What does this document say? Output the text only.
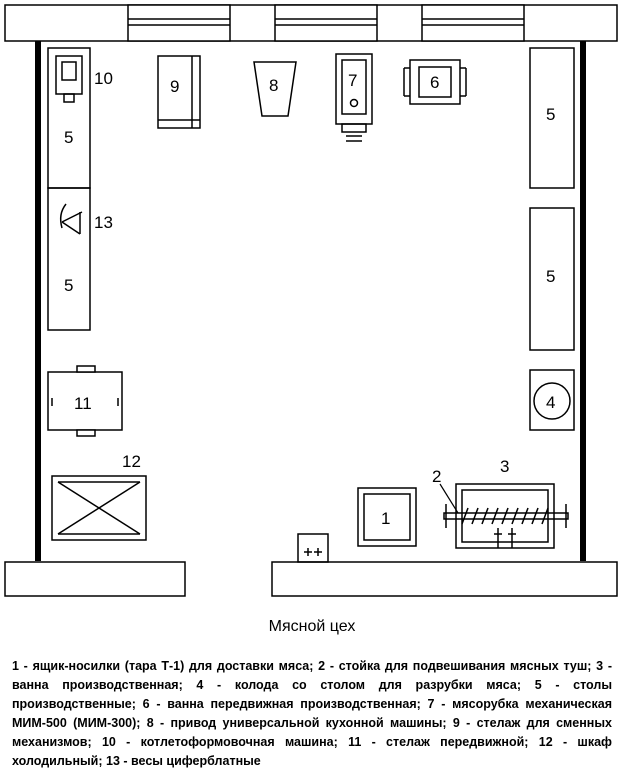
10
5
13
5
11
12
9	8	7	6
5
5
4
3
2
1
Мясной цех
1 - ящик-носилки (тара Т-1) для доставки мяса; 2 - стойка для подвешивания мясных туш; 3 - ванна производственная; 4 - колода со столом для разрубки мяса; 5 - столы производственные; 6 - ванна передвижная производственная; 7 - мясорубка механическая МИМ-500 (МИМ-300); 8 - привод универсальной кухонной машины; 9 - стелаж для сменных механизмов; 10 - котлетоформовочная машина; 11 - стелаж передвижной; 12 - шкаф холодильный; 13 - весы циферблатные
